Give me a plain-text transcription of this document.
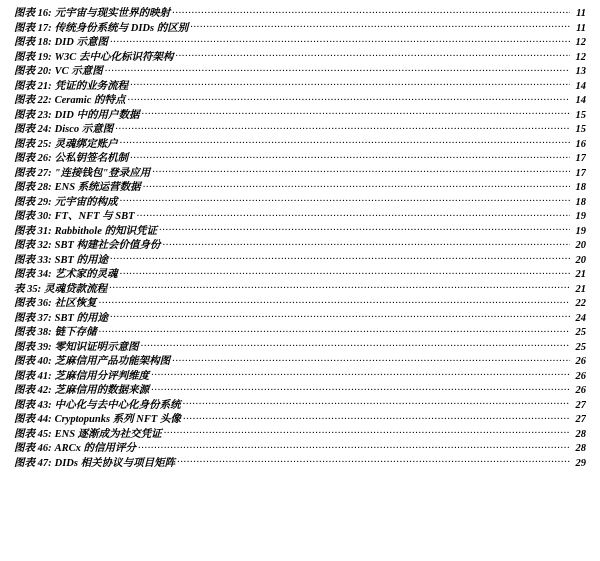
图表 16: 元宇宙与现实世界的映射 .....	11
图表 17: 传统身份系统与 DIDs 的区别 .....	11
图表 18: DID 示意图 .....	12
图表 19: W3C 去中心化标识符架构 .....	12
图表 20: VC 示意图 .....	13
图表 21: 凭证的业务流程 .....	14
图表 22: Ceramic 的特点 .....	14
图表 23: DID 中的用户数据 .....	15
图表 24: Disco 示意图 .....	15
图表 25: 灵魂绑定账户 .....	16
图表 26: 公私钥签名机制 .....	17
图表 27: "连接钱包"登录应用 .....	17
图表 28: ENS 系统运营数据 .....	18
图表 29: 元宇宙的构成 .....	18
图表 30: FT、NFT 与 SBT .....	19
图表 31: Rabbithole 的知识凭证 .....	19
图表 32: SBT 构建社会价值身份 .....	20
图表 33: SBT 的用途 .....	20
图表 34: 艺术家的灵魂 .....	21
表 35: 灵魂贷款流程 .....	21
图表 36: 社区恢复 .....	22
图表 37: SBT 的用途 .....	24
图表 38: 链下存储 .....	25
图表 39: 零知识证明示意图 .....	25
图表 40: 芝麻信用产品功能架构图 .....	26
图表 41: 芝麻信用分评判维度 .....	26
图表 42: 芝麻信用的数据来源 .....	26
图表 43: 中心化与去中心化身份系统 .....	27
图表 44: Cryptopunks 系列 NFT 头像 .....	27
图表 45: ENS 逐渐成为社交凭证 .....	28
图表 46: ARCx 的信用评分 .....	28
图表 47: DIDs 相关协议与项目矩阵 .....	29
